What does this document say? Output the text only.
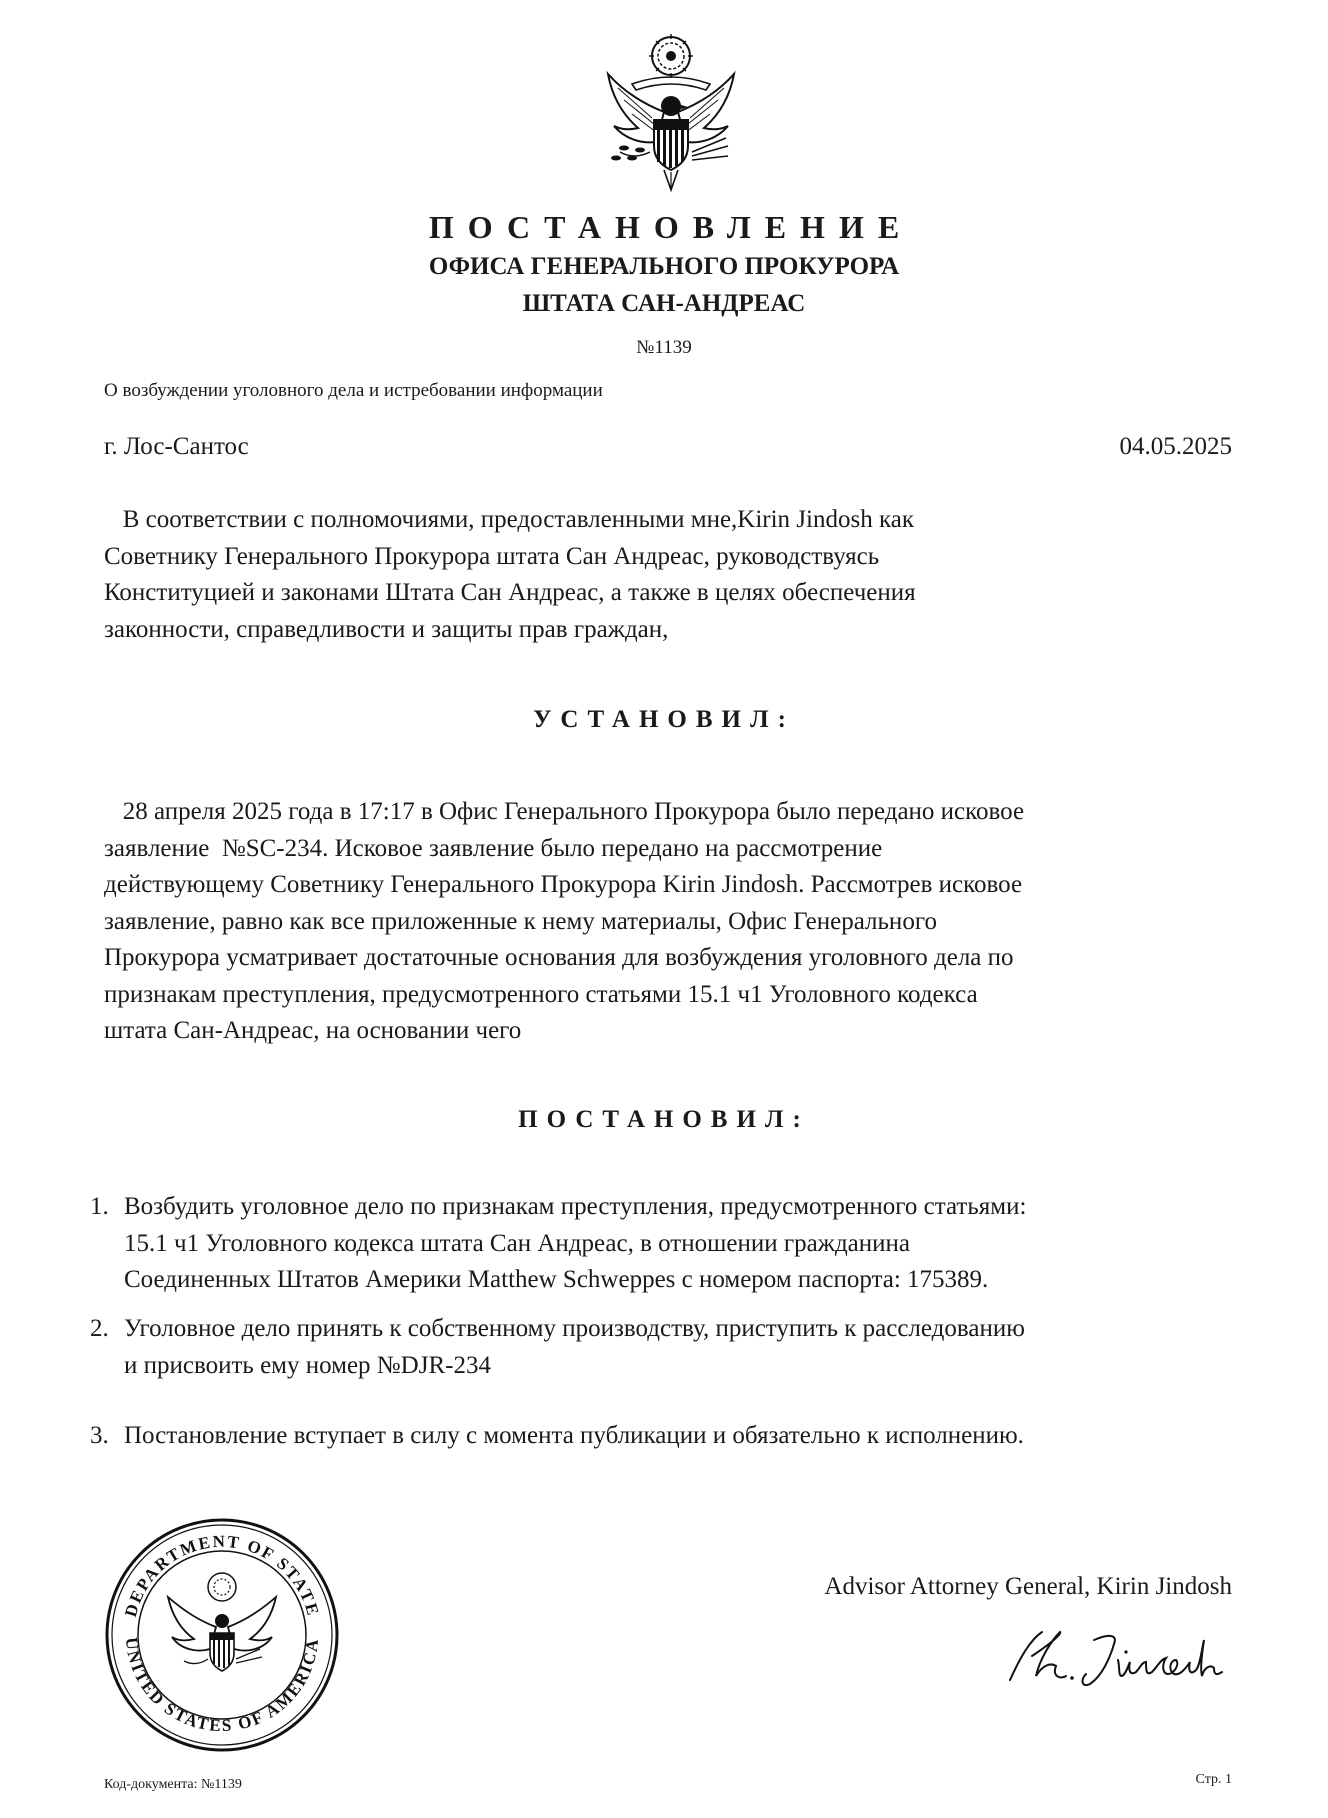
ПОСТАНОВЛЕНИЕ
ОФИСА ГЕНЕРАЛЬНОГО ПРОКУРОРА
ШТАТА САН-АНДРЕАС
№1139
О возбуждении уголовного дела и истребовании информации
г. Лос-Сантос	04.05.2025
В соответствии с полномочиями, предоставленными мне,Kirin Jindosh как
Советнику Генерального Прокурора штата Сан Андреас, руководствуясь
Конституцией и законами Штата Сан Андреас, а также в целях обеспечения
законности, справедливости и защиты прав граждан,
УСТАНОВИЛ:
28 апреля 2025 года в 17:17 в Офис Генерального Прокурора было передано исковое
заявление  №SC-234. Исковое заявление было передано на рассмотрение
действующему Советнику Генерального Прокурора Kirin Jindosh. Рассмотрев исковое
заявление, равно как все приложенные к нему материалы, Офис Генерального
Прокурора усматривает достаточные основания для возбуждения уголовного дела по
признакам преступления, предусмотренного статьями 15.1 ч1 Уголовного кодекса
штата Сан-Андреас, на основании чего
ПОСТАНОВИЛ:
1. Возбудить уголовное дело по признакам преступления, предусмотренного статьями:
15.1 ч1 Уголовного кодекса штата Сан Андреас, в отношении гражданина
Соединенных Штатов Америки Matthew Schweppes с номером паспорта: 175389.
2. Уголовное дело принять к собственному производству, приступить к расследованию
и присвоить ему номер №DJR-234
3. Постановление вступает в силу с момента публикации и обязательно к исполнению.
DEPARTMENT OF STATE
UNITED STATES OF AMERICA
Advisor Attorney General, Kirin Jindosh
Код-документа: №1139	Стр. 1
